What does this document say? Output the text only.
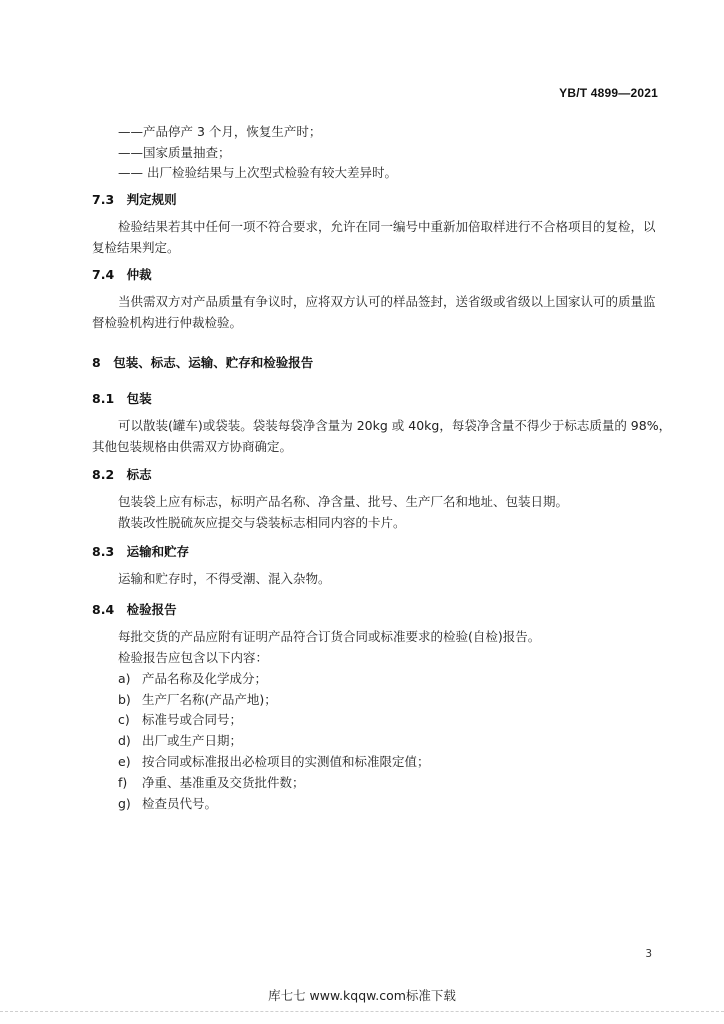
YB/T 4899—2021
——产品停产 3 个月，恢复生产时；
——国家质量抽查；
—— 出厂检验结果与上次型式检验有较大差异时。
7.3　判定规则
检验结果若其中任何一项不符合要求，允许在同一编号中重新加倍取样进行不合格项目的复检，以
复检结果判定。
7.4　仲裁
当供需双方对产品质量有争议时，应将双方认可的样品签封，送省级或省级以上国家认可的质量监
督检验机构进行仲裁检验。
8　包装、标志、运输、贮存和检验报告
8.1　包装
可以散装(罐车)或袋装。袋装每袋净含量为 20kg 或 40kg，每袋净含量不得少于标志质量的 98%，
其他包装规格由供需双方协商确定。
8.2　标志
包装袋上应有标志，标明产品名称、净含量、批号、生产厂名和地址、包装日期。
散装改性脱硫灰应提交与袋装标志相同内容的卡片。
8.3　运输和贮存
运输和贮存时，不得受潮、混入杂物。
8.4　检验报告
每批交货的产品应附有证明产品符合订货合同或标准要求的检验(自检)报告。
检验报告应包含以下内容：
a) 产品名称及化学成分；
b) 生产厂名称(产品产地)；
c) 标准号或合同号；
d) 出厂或生产日期；
e) 按合同或标准报出必检项目的实测值和标准限定值；
f) 净重、基准重及交货批件数；
g) 检查员代号。
3
库七七 www.kqqw.com标准下载
